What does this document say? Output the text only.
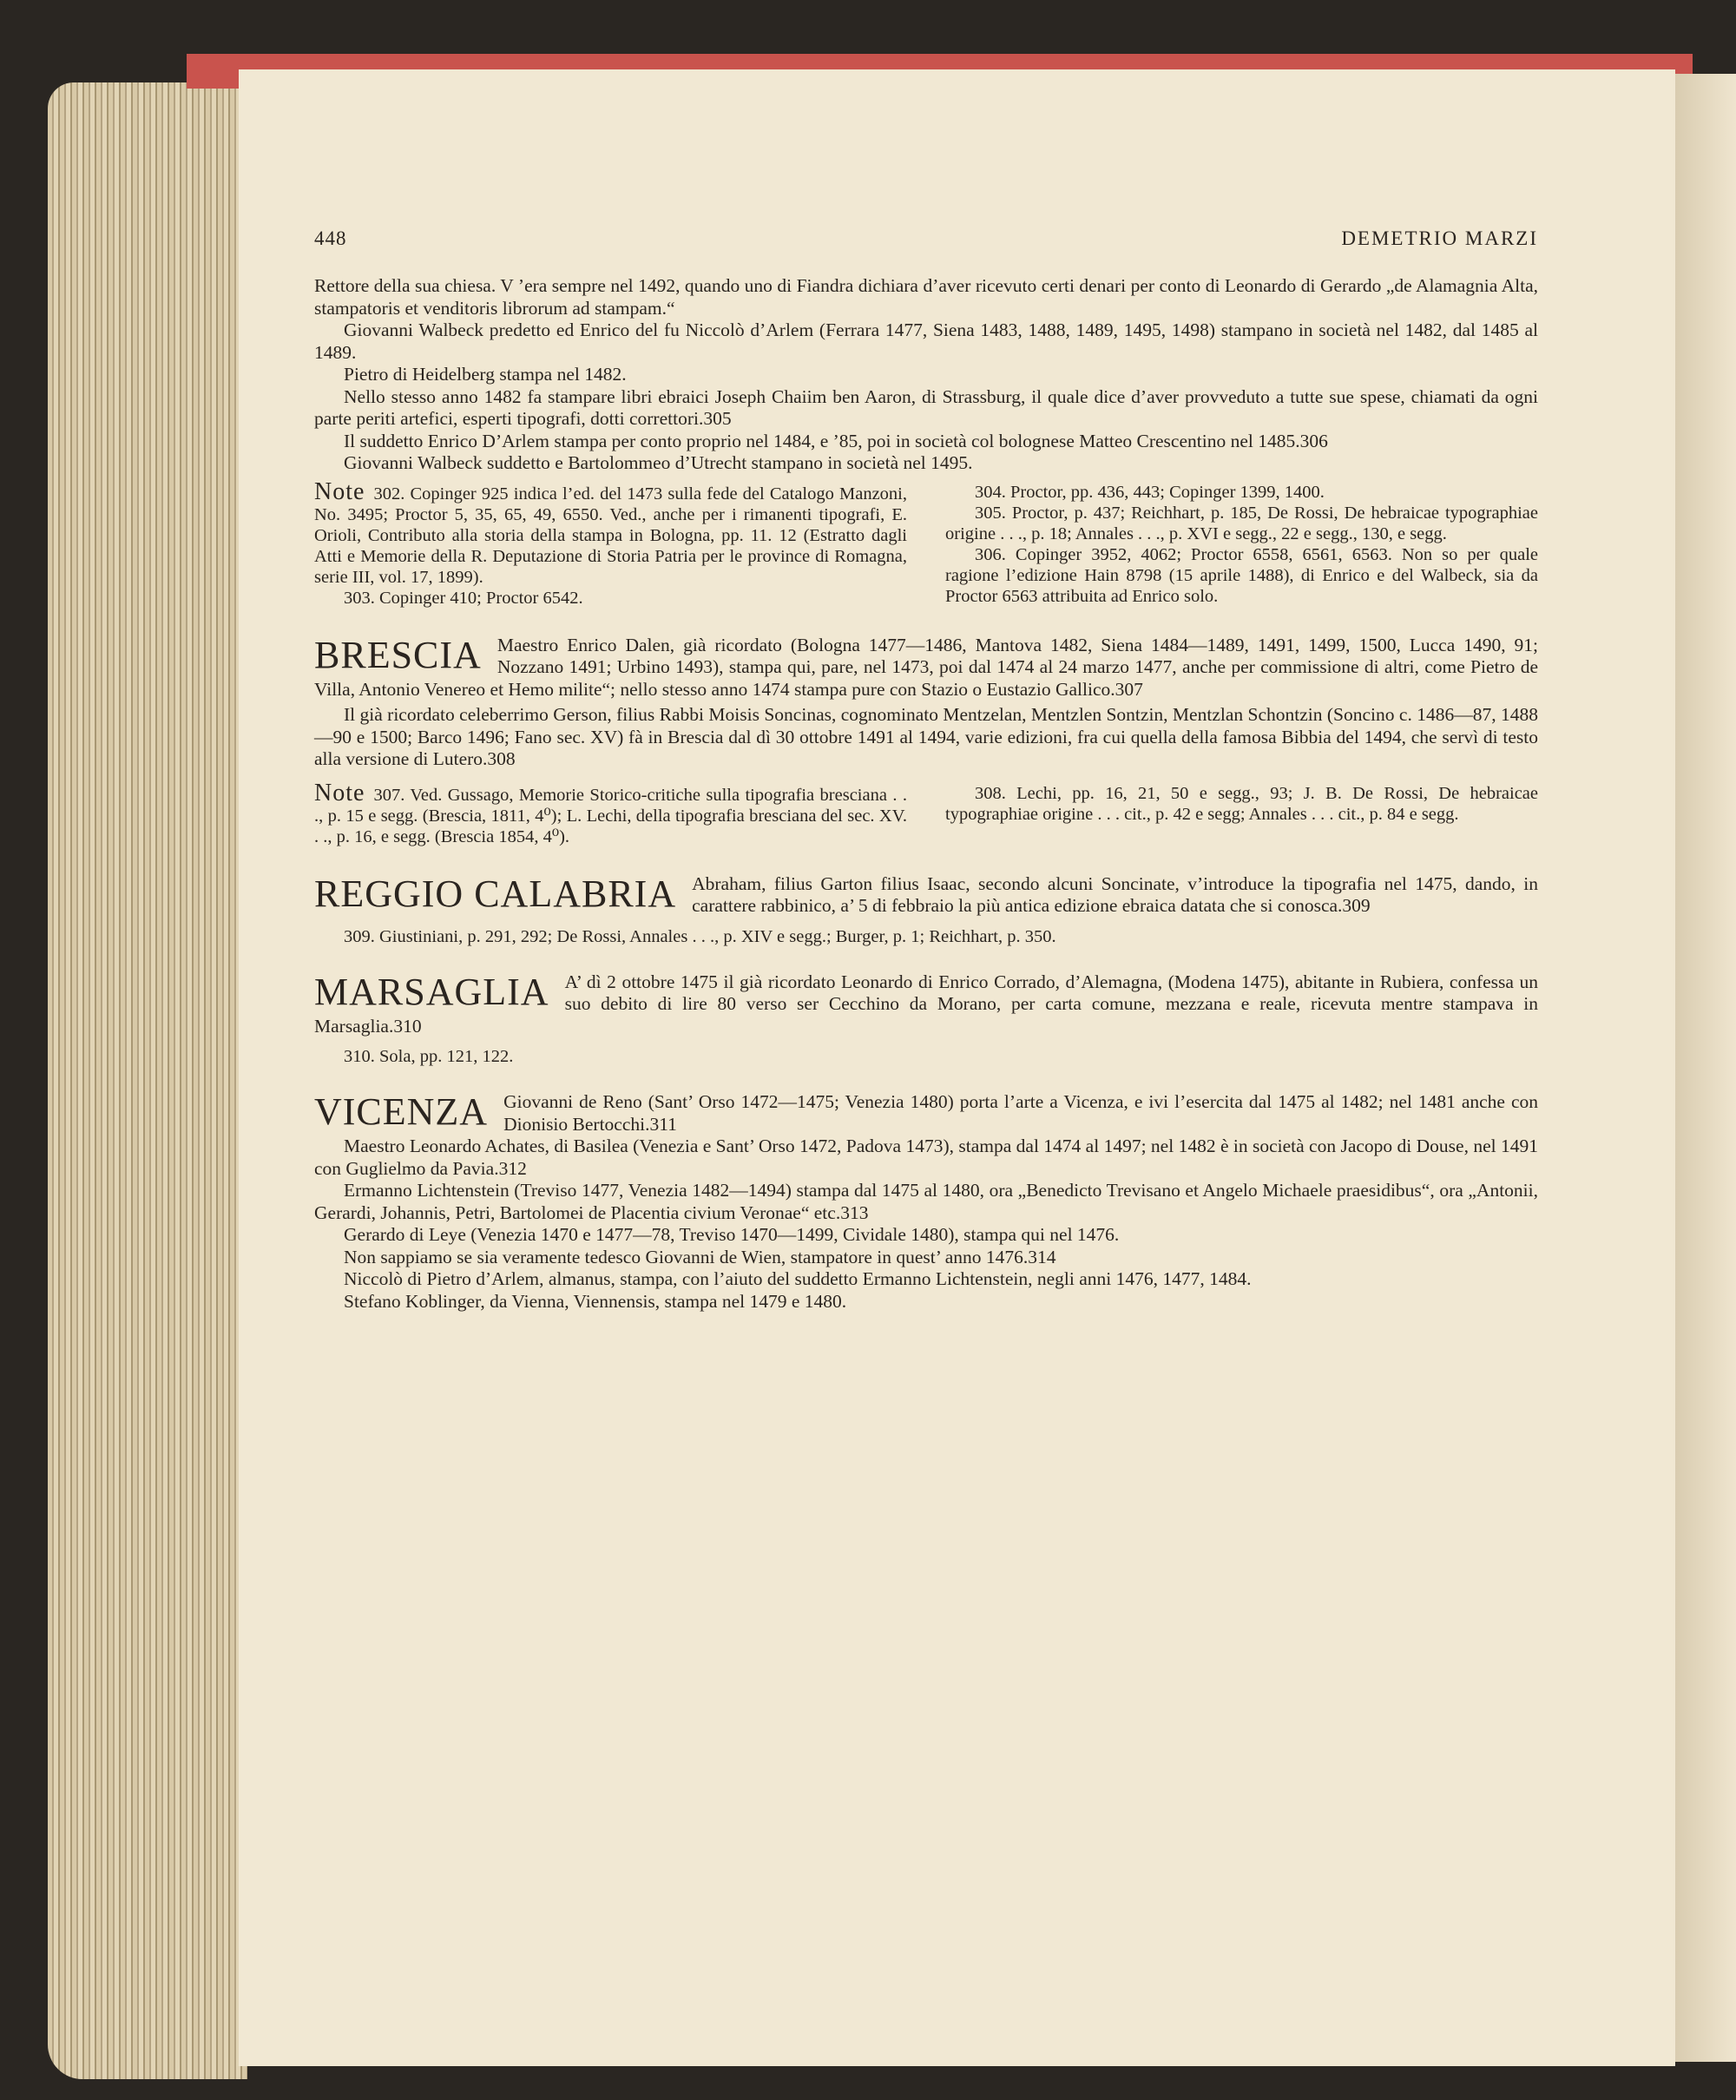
448	DEMETRIO MARZI

Rettore della sua chiesa. V ’era sempre nel 1492, quando uno di Fiandra dichiara d’aver ricevuto certi denari per conto di Leonardo di Gerardo „de Alamagnia Alta, stampatoris et venditoris librorum ad stampam.“

Giovanni Walbeck predetto ed Enrico del fu Niccolò d’Arlem (Ferrara 1477, Siena 1483, 1488, 1489, 1495, 1498) stampano in società nel 1482, dal 1485 al 1489.

Pietro di Heidelberg stampa nel 1482.

Nello stesso anno 1482 fa stampare libri ebraici Joseph Chaiim ben Aaron, di Strassburg, il quale dice d’aver provveduto a tutte sue spese, chiamati da ogni parte periti artefici, esperti tipografi, dotti correttori.305

Il suddetto Enrico D’Arlem stampa per conto proprio nel 1484, e ’85, poi in società col bolognese Matteo Crescentino nel 1485.306

Giovanni Walbeck suddetto e Bartolommeo d’Utrecht stampano in società nel 1495.

Note 302. Copinger 925 indica l’ed. del 1473 sulla fede del Catalogo Manzoni, No. 3495; Proctor 5, 35, 65, 49, 6550. Ved., anche per i rimanenti tipografi, E. Orioli, Contributo alla storia della stampa in Bologna, pp. 11. 12 (Estratto dagli Atti e Memorie della R. Deputazione di Storia Patria per le province di Romagna, serie III, vol. 17, 1899).

303. Copinger 410; Proctor 6542.

304. Proctor, pp. 436, 443; Copinger 1399, 1400.

305. Proctor, p. 437; Reichhart, p. 185, De Rossi, De hebraicae typographiae origine . . ., p. 18; Annales . . ., p. XVI e segg., 22 e segg., 130, e segg.

306. Copinger 3952, 4062; Proctor 6558, 6561, 6563. Non so per quale ragione l’edizione Hain 8798 (15 aprile 1488), di Enrico e del Walbeck, sia da Proctor 6563 attribuita ad Enrico solo.

BRESCIA Maestro Enrico Dalen, già ricordato (Bologna 1477—1486, Mantova 1482, Siena 1484—1489, 1491, 1499, 1500, Lucca 1490, 91; Nozzano 1491; Urbino 1493), stampa qui, pare, nel 1473, poi dal 1474 al 24 marzo 1477, anche per commissione di altri, come Pietro de Villa, Antonio Venereo et Hemo milite“; nello stesso anno 1474 stampa pure con Stazio o Eustazio Gallico.307

Il già ricordato celeberrimo Gerson, filius Rabbi Moisis Soncinas, cognominato Mentzelan, Mentzlen Sontzin, Mentzlan Schontzin (Soncino c. 1486—87, 1488—90 e 1500; Barco 1496; Fano sec. XV) fà in Brescia dal dì 30 ottobre 1491 al 1494, varie edizioni, fra cui quella della famosa Bibbia del 1494, che servì di testo alla versione di Lutero.308

Note 307. Ved. Gussago, Memorie Storico-critiche sulla tipografia bresciana . . ., p. 15 e segg. (Brescia, 1811, 4⁰); L. Lechi, della tipografia bresciana del sec. XV. . ., p. 16, e segg. (Brescia 1854, 4⁰).

308. Lechi, pp. 16, 21, 50 e segg., 93; J. B. De Rossi, De hebraicae typographiae origine . . . cit., p. 42 e segg; Annales . . . cit., p. 84 e segg.

REGGIO CALABRIA Abraham, filius Garton filius Isaac, secondo alcuni Soncinate, v’introduce la tipografia nel 1475, dando, in carattere rabbinico, a’ 5 di febbraio la più antica edizione ebraica datata che si conosca.309

309. Giustiniani, p. 291, 292; De Rossi, Annales . . ., p. XIV e segg.; Burger, p. 1; Reichhart, p. 350.

MARSAGLIA A’ dì 2 ottobre 1475 il già ricordato Leonardo di Enrico Corrado, d’Alemagna, (Modena 1475), abitante in Rubiera, confessa un suo debito di lire 80 verso ser Cecchino da Morano, per carta comune, mezzana e reale, ricevuta mentre stampava in Marsaglia.310

310. Sola, pp. 121, 122.

VICENZA Giovanni de Reno (Sant’ Orso 1472—1475; Venezia 1480) porta l’arte a Vicenza, e ivi l’esercita dal 1475 al 1482; nel 1481 anche con Dionisio Bertocchi.311

Maestro Leonardo Achates, di Basilea (Venezia e Sant’ Orso 1472, Padova 1473), stampa dal 1474 al 1497; nel 1482 è in società con Jacopo di Douse, nel 1491 con Guglielmo da Pavia.312

Ermanno Lichtenstein (Treviso 1477, Venezia 1482—1494) stampa dal 1475 al 1480, ora „Benedicto Trevisano et Angelo Michaele praesidibus“, ora „Antonii, Gerardi, Johannis, Petri, Bartolomei de Placentia civium Veronae“ etc.313

Gerardo di Leye (Venezia 1470 e 1477—78, Treviso 1470—1499, Cividale 1480), stampa qui nel 1476.

Non sappiamo se sia veramente tedesco Giovanni de Wien, stampatore in quest’ anno 1476.314

Niccolò di Pietro d’Arlem, almanus, stampa, con l’aiuto del suddetto Ermanno Lichtenstein, negli anni 1476, 1477, 1484.

Stefano Koblinger, da Vienna, Viennensis, stampa nel 1479 e 1480.
